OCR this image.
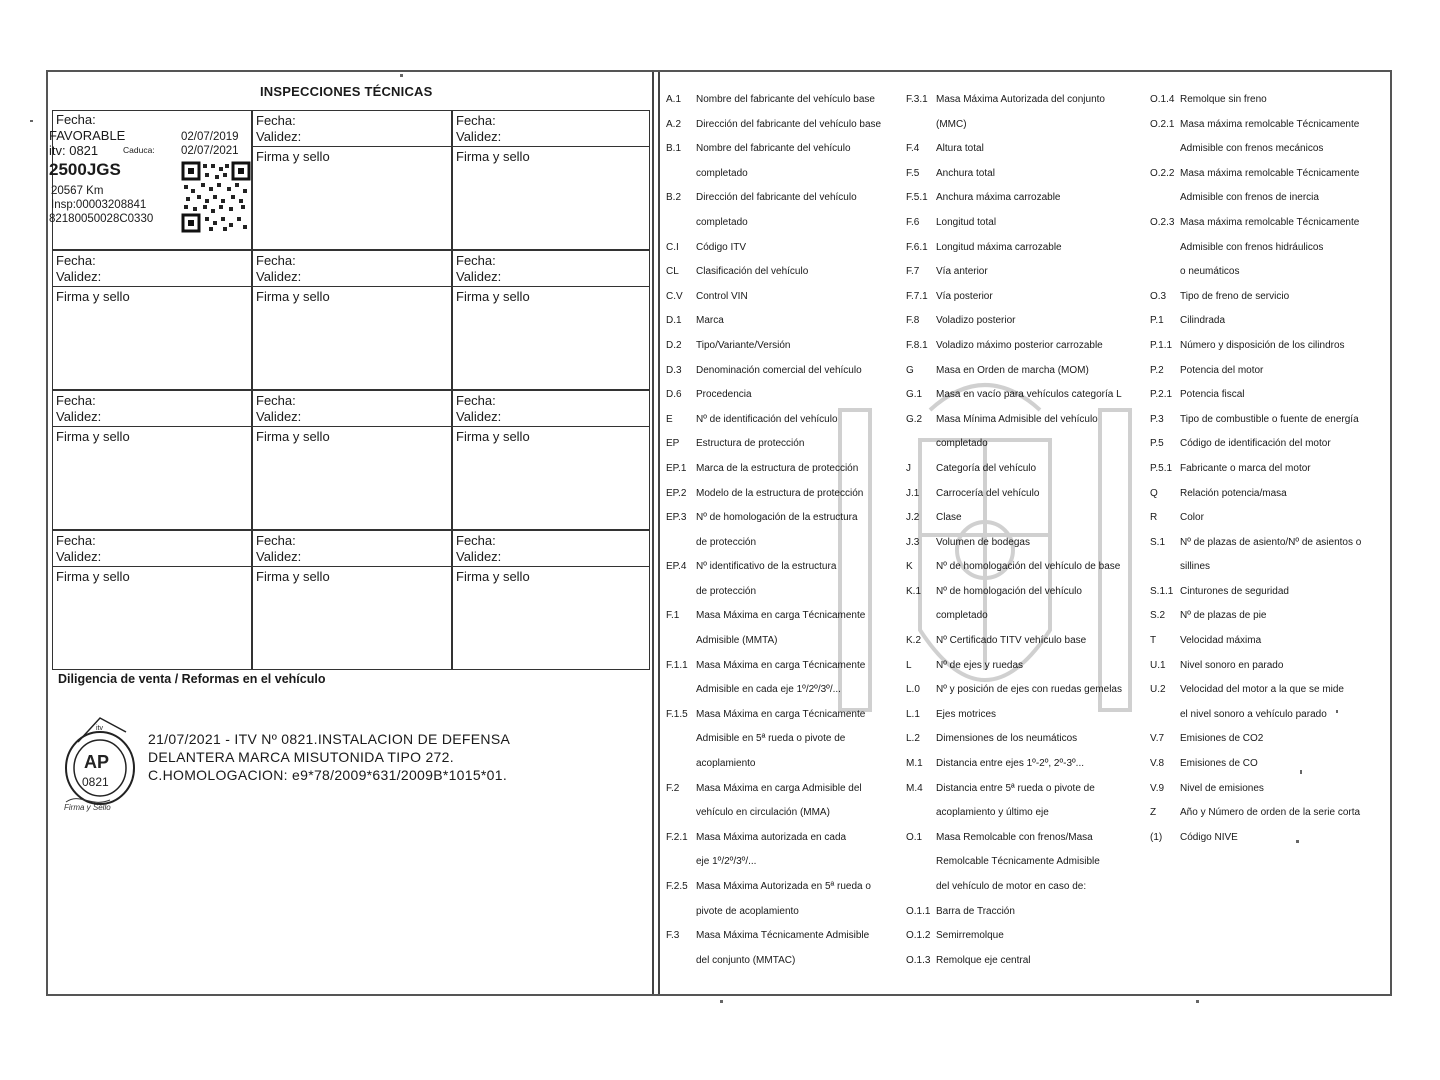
INSPECCIONES TÉCNICAS
Fecha:
FAVORABLE	02/07/2019
itv: 0821	Caduca: 02/07/2021
2500JGS
20567 Km
Insp:00003208841
82180050028C0330
Fecha:
Validez:
Firma y sello
Fecha:
Validez:
Firma y sello
Fecha:
Validez:
Firma y sello
Fecha:
Validez:
Firma y sello
Fecha:
Validez:
Firma y sello
Fecha:
Validez:
Firma y sello
Fecha:
Validez:
Firma y sello
Fecha:
Validez:
Firma y sello
Fecha:
Validez:
Firma y sello
Fecha:
Validez:
Firma y sello
Fecha:
Validez:
Firma y sello
Diligencia de venta / Reformas en el vehículo
itv
AP
0821
Firma y Sello
21/07/2021 - ITV Nº 0821.INSTALACION DE DEFENSA
DELANTERA MARCA MISUTONIDA TIPO 272.
C.HOMOLOGACION: e9*78/2009*631/2009B*1015*01.
A.1 Nombre del fabricante del vehículo base
A.2 Dirección del fabricante del vehículo base
B.1 Nombre del fabricante del vehículo
completado
B.2 Dirección del fabricante del vehículo
completado
C.I Código ITV
CL Clasificación del vehículo
C.V Control VIN
D.1 Marca
D.2 Tipo/Variante/Versión
D.3 Denominación comercial del vehículo
D.6 Procedencia
E Nº de identificación del vehículo
EP Estructura de protección
EP.1 Marca de la estructura de protección
EP.2 Modelo de la estructura de protección
EP.3 Nº de homologación de la estructura
de protección
EP.4 Nº identificativo de la estructura
de protección
F.1 Masa Máxima en carga Técnicamente
Admisible (MMTA)
F.1.1 Masa Máxima en carga Técnicamente
Admisible en cada eje 1º/2º/3º/...
F.1.5 Masa Máxima en carga Técnicamente
Admisible en 5ª rueda o pivote de
acoplamiento
F.2 Masa Máxima en carga Admisible del
vehículo en circulación (MMA)
F.2.1 Masa Máxima autorizada en cada
eje 1º/2º/3º/...
F.2.5 Masa Máxima Autorizada en 5ª rueda o
pivote de acoplamiento
F.3 Masa Máxima Técnicamente Admisible
del conjunto (MMTAC)
F.3.1 Masa Máxima Autorizada del conjunto
(MMC)
F.4 Altura total
F.5 Anchura total
F.5.1 Anchura máxima carrozable
F.6 Longitud total
F.6.1 Longitud máxima carrozable
F.7 Vía anterior
F.7.1 Vía posterior
F.8 Voladizo posterior
F.8.1 Voladizo máximo posterior carrozable
G Masa en Orden de marcha (MOM)
G.1 Masa en vacío para vehículos categoría L
G.2 Masa Mínima Admisible del vehículo
completado
J	Categoría del vehículo
J.1 Carrocería del vehículo
J.2 Clase
J.3 Volumen de bodegas
K Nº de homologación del vehículo de base
K.1 Nº de homologación del vehículo
completado
K.2 Nº Certificado TITV vehículo base
L Nº de ejes y ruedas
L.0 Nº y posición de ejes con ruedas gemelas
L.1 Ejes motrices
L.2 Dimensiones de los neumáticos
M.1 Distancia entre ejes 1º-2º, 2º-3º...
M.4 Distancia entre 5ª rueda o pivote de
acoplamiento y último eje
O.1 Masa Remolcable con frenos/Masa
Remolcable Técnicamente Admisible
del vehículo de motor en caso de:
O.1.1 Barra de Tracción
O.1.2 Semirremolque
O.1.3 Remolque eje central
O.1.4 Remolque sin freno
O.2.1 Masa máxima remolcable Técnicamente
Admisible con frenos mecánicos
O.2.2 Masa máxima remolcable Técnicamente
Admisible con frenos de inercia
O.2.3 Masa máxima remolcable Técnicamente
Admisible con frenos hidráulicos
o neumáticos
O.3 Tipo de freno de servicio
P.1 Cilindrada
P.1.1 Número y disposición de los cilindros
P.2 Potencia del motor
P.2.1 Potencia fiscal
P.3 Tipo de combustible o fuente de energía
P.5 Código de identificación del motor
P.5.1 Fabricante o marca del motor
Q Relación potencia/masa
R Color
S.1 Nº de plazas de asiento/Nº de asientos o
sillines
S.1.1 Cinturones de seguridad
S.2 Nº de plazas de pie
T Velocidad máxima
U.1 Nivel sonoro en parado
U.2 Velocidad del motor a la que se mide
el nivel sonoro a vehículo parado
V.7 Emisiones de CO2
V.8 Emisiones de CO
V.9 Nivel de emisiones
Z Año y Número de orden de la serie corta
(1) Código NIVE
